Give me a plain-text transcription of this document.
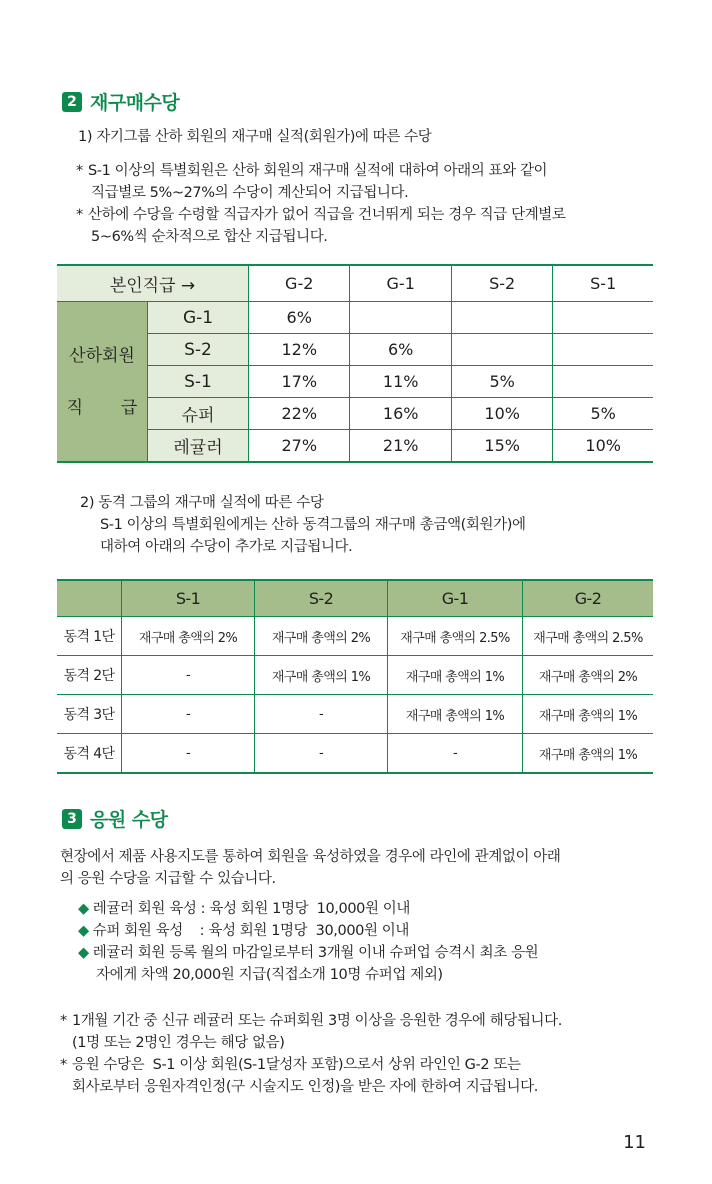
2 재구매수당

1) 자기그룹 산하 회원의 재구매 실적(회원가)에 따른 수당

* S-1 이상의 특별회원은 산하 회원의 재구매 실적에 대하여 아래의 표와 같이

직급별로 5%~27%의 수당이 계산되어 지급됩니다.

* 산하에 수당을 수령할 직급자가 없어 직급을 건너뛰게 되는 경우 직급 단계별로

5~6%씩 순차적으로 합산 지급됩니다.

본인직급 →		G-2	G-1	S-2	S-1

산하회원
직       급	G-1	6%			
	S-2	12%	6%		
	S-1	17%	11%	5%	
	슈퍼	22%	16%	10%	5%
	레귤러	27%	21%	15%	10%

2) 동격 그룹의 재구매 실적에 따른 수당

S-1 이상의 특별회원에게는 산하 동격그룹의 재구매 총금액(회원가)에

대하여 아래의 수당이 추가로 지급됩니다.

	S-1	S-2	G-1	G-2
동격 1단	재구매 총액의 2%	재구매 총액의 2%	재구매 총액의 2.5%	재구매 총액의 2.5%
동격 2단	-	재구매 총액의 1%	재구매 총액의 1%	재구매 총액의 2%
동격 3단	-	-	재구매 총액의 1%	재구매 총액의 1%
동격 4단	-	-	-	재구매 총액의 1%
3 응원 수당

현장에서 제품 사용지도를 통하여 회원을 육성하였을 경우에 라인에 관계없이 아래

의 응원 수당을 지급할 수 있습니다.

◆ 레귤러 회원 육성 : 육성 회원 1명당  10,000원 이내

◆ 슈퍼 회원 육성    : 육성 회원 1명당  30,000원 이내

◆ 레귤러 회원 등록 월의 마감일로부터 3개월 이내 슈퍼업 승격시 최초 응원

자에게 차액 20,000원 지급(직접소개 10명 슈퍼업 제외)

* 1개월 기간 중 신규 레귤러 또는 슈퍼회원 3명 이상을 응원한 경우에 해당됩니다.

(1명 또는 2명인 경우는 해당 없음)

* 응원 수당은  S-1 이상 회원(S-1달성자 포함)으로서 상위 라인인 G-2 또는

회사로부터 응원자격인정(구 시술지도 인정)을 받은 자에 한하여 지급됩니다.

11
